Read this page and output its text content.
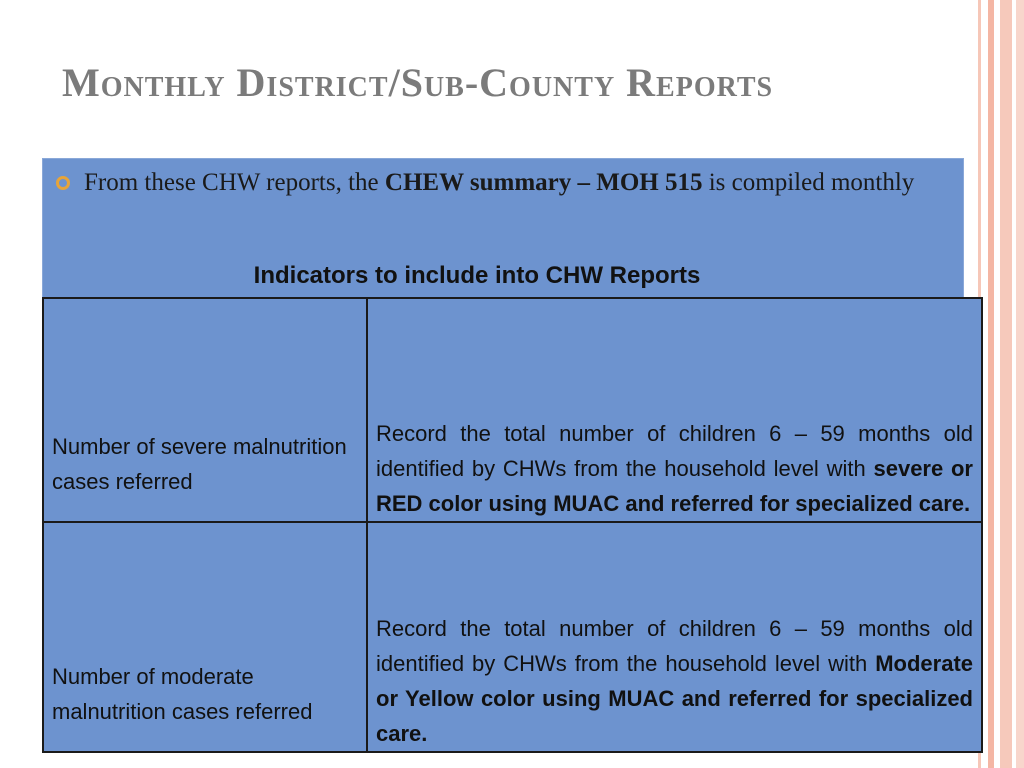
Monthly District/Sub-County Reports
From these CHW reports, the CHEW summary – MOH 515 is compiled monthly
Indicators to include into CHW Reports
Number of severe malnutrition cases referred	Record the total number of children 6 – 59 months old identified by CHWs from the household level with severe or RED color using MUAC and referred for specialized care.
Number of moderate malnutrition cases referred	Record the total number of children 6 – 59 months old identified by CHWs from the household level with Moderate or Yellow color using MUAC and referred for specialized care.
